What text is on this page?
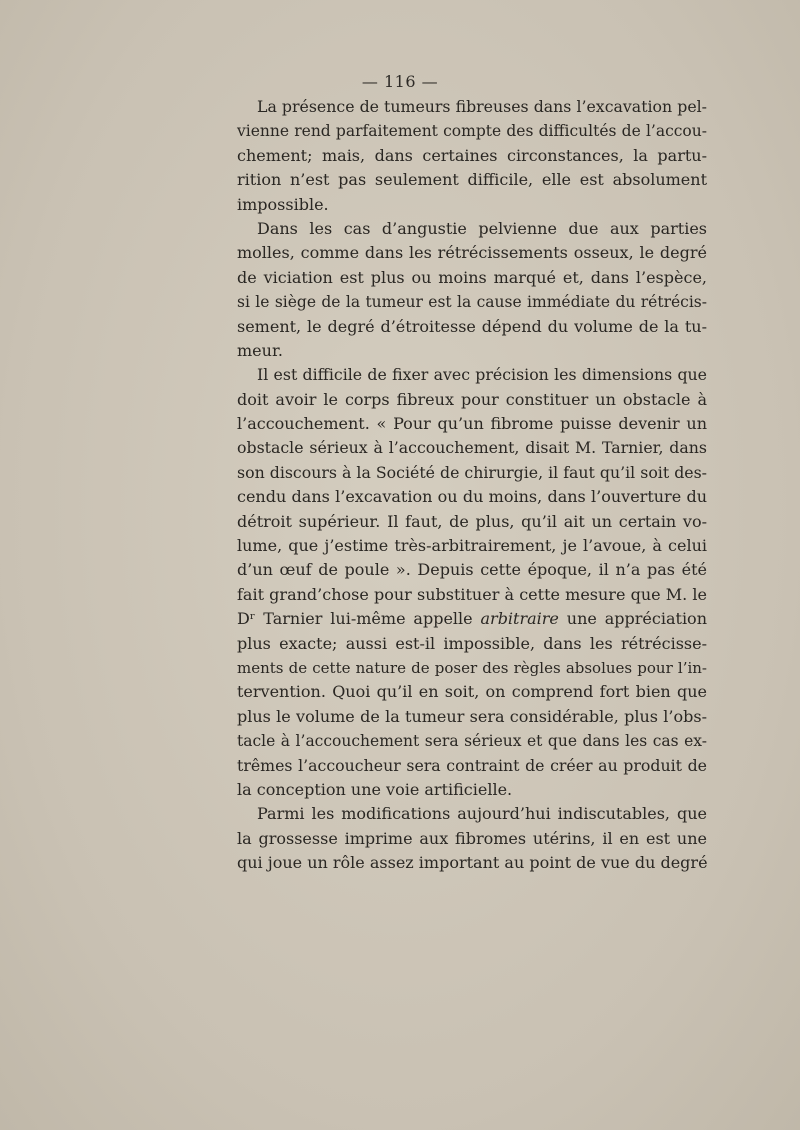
— 116 —
La présence de tumeurs fibreuses dans l’excavation pel-
vienne rend parfaitement compte des difficultés de l’accou-
chement; mais, dans certaines circonstances, la partu-
rition n’est pas seulement difficile, elle est absolument
impossible.
Dans les cas d’angustie pelvienne due aux parties
molles, comme dans les rétrécissements osseux, le degré
de viciation est plus ou moins marqué et, dans l’espèce,
si le siège de la tumeur est la cause immédiate du rétrécis-
sement, le degré d’étroitesse dépend du volume de la tu-
meur.
Il est difficile de fixer avec précision les dimensions que
doit avoir le corps fibreux pour constituer un obstacle à
l’accouchement. « Pour qu’un fibrome puisse devenir un
obstacle sérieux à l’accouchement, disait M. Tarnier, dans
son discours à la Société de chirurgie, il faut qu’il soit des-
cendu dans l’excavation ou du moins, dans l’ouverture du
détroit supérieur. Il faut, de plus, qu’il ait un certain vo-
lume, que j’estime très-arbitrairement, je l’avoue, à celui
d’un œuf de poule ». Depuis cette époque, il n’a pas été
fait grand’chose pour substituer à cette mesure que M. le
Dʳ Tarnier lui-même appelle arbitraire une appréciation
plus exacte; aussi est-il impossible, dans les rétrécisse-
ments de cette nature de poser des règles absolues pour l’in-
tervention. Quoi qu’il en soit, on comprend fort bien que
plus le volume de la tumeur sera considérable, plus l’obs-
tacle à l’accouchement sera sérieux et que dans les cas ex-
trêmes l’accoucheur sera contraint de créer au produit de
la conception une voie artificielle.
Parmi les modifications aujourd’hui indiscutables, que
la grossesse imprime aux fibromes utérins, il en est une
qui joue un rôle assez important au point de vue du degré
